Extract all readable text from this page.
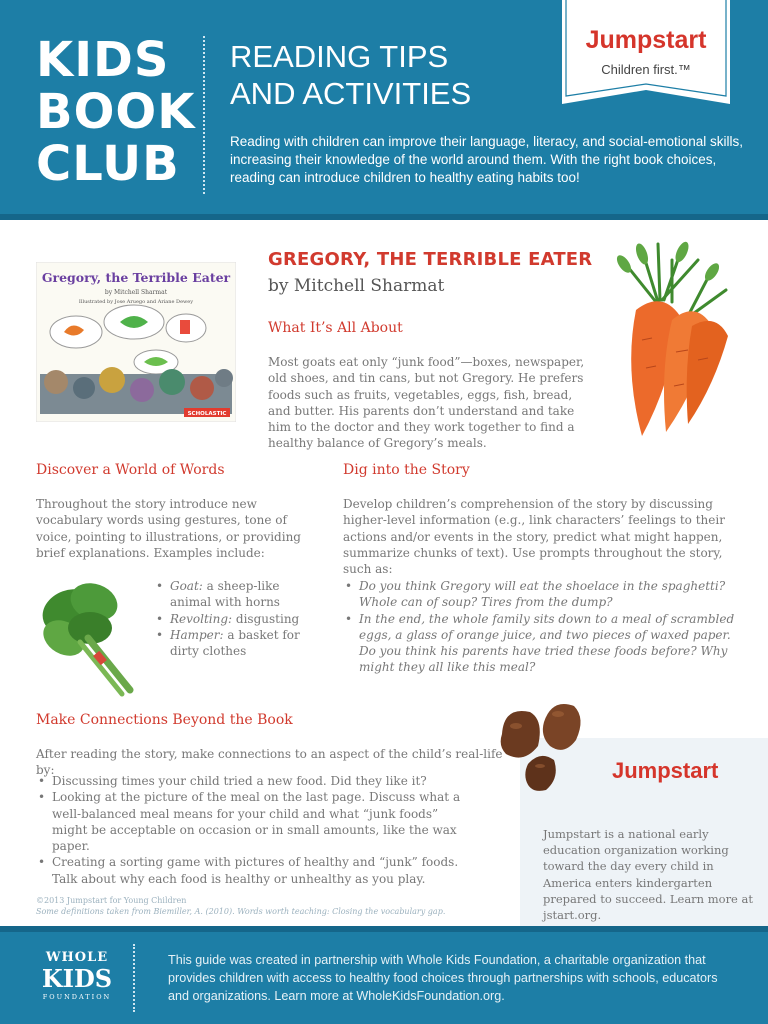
KIDS
BOOK
CLUB
READING TIPS
AND ACTIVITIES

Reading with children can improve their language, literacy, and social-emotional skills, increasing their knowledge of the world around them. With the right book choices, reading can introduce children to healthy eating habits too!

Jumpstart
Children first.™
Gregory, the Terrible Eater
by Mitchell Sharmat
Illustrated by Jose Aruego and Ariane Dewey
SCHOLASTIC
GREGORY, THE TERRIBLE EATER
by Mitchell Sharmat
What It’s All About

Most goats eat only “junk food”—boxes, newspaper, old shoes, and tin cans, but not Gregory. He prefers foods such as fruits, vegetables, eggs, fish, bread, and butter. His parents don’t understand and take him to the doctor and they work together to find a healthy balance of Gregory’s meals.

Discover a World of Words

Throughout the story introduce new vocabulary words using gestures, tone of voice, pointing to illustrations, or providing brief explanations. Examples include:

• Goat: a sheep-like animal with horns
• Revolting: disgusting
• Hamper: a basket for dirty clothes
Dig into the Story

Develop children’s comprehension of the story by discussing higher-level information (e.g., link characters’ feelings to their actions and/or events in the story, predict what might happen, summarize chunks of text). Use prompts throughout the story, such as:

• Do you think Gregory will eat the shoelace in the spaghetti? Whole can of soup? Tires from the dump?
• In the end, the whole family sits down to a meal of scrambled eggs, a glass of orange juice, and two pieces of waxed paper. Do you think his parents have tried these foods before? Why might they all like this meal?
Make Connections Beyond the Book

After reading the story, make connections to an aspect of the child’s real-life by:

• Discussing times your child tried a new food. Did they like it?
• Looking at the picture of the meal on the last page. Discuss what a well-balanced meal means for your child and what “junk foods” might be acceptable on occasion or in small amounts, like the wax paper.
• Creating a sorting game with pictures of healthy and “junk” foods. Talk about why each food is healthy or unhealthy as you play.
Jumpstart

Jumpstart is a national early education organization working toward the day every child in America enters kindergarten prepared to succeed. Learn more at jstart.org.

©2013 Jumpstart for Young Children
Some definitions taken from Biemiller, A. (2010). Words worth teaching: Closing the vocabulary gap.
WHOLE
KIDS
FOUNDATION

This guide was created in partnership with Whole Kids Foundation, a charitable organization that provides children with access to healthy food choices through partnerships with schools, educators and organizations. Learn more at WholeKidsFoundation.org.
